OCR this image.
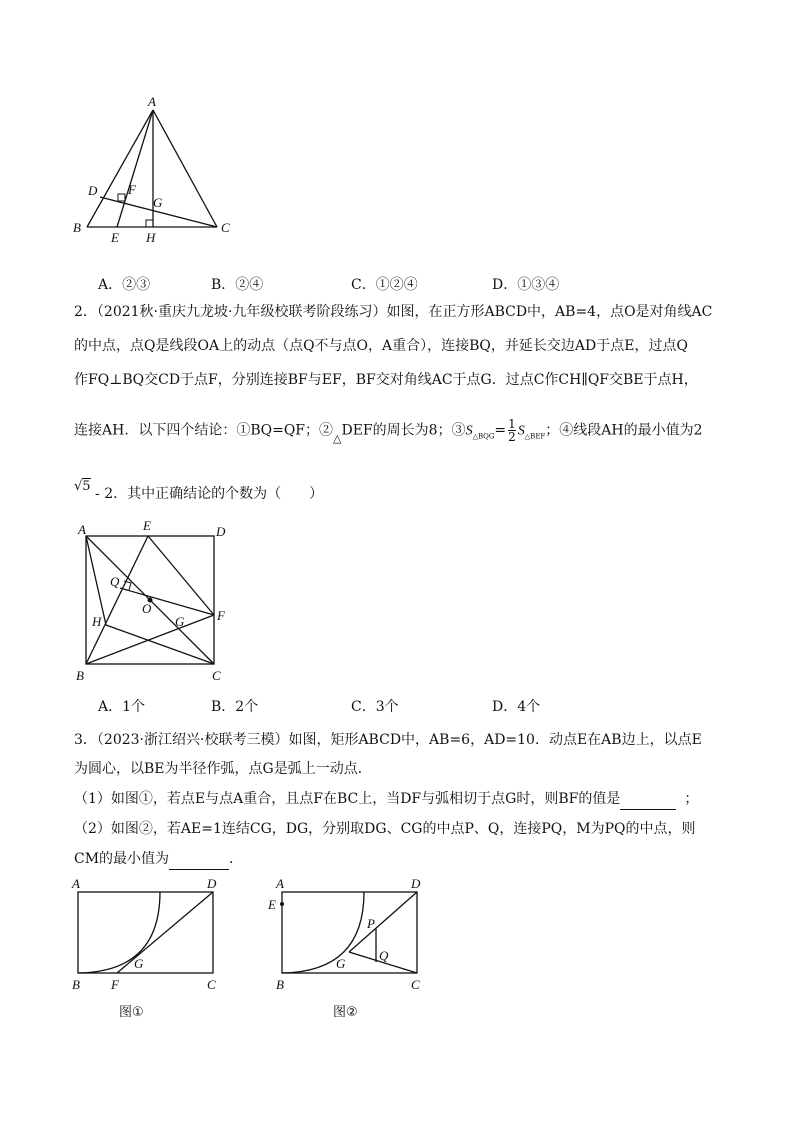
A
D F
G
B
E H
C
A．②③	B．②④	C．①②④	D．①③④
2．（2021秋·重庆九龙坡·九年级校联考阶段练习）如图，在正方形ABCD中，AB=4，点O是对角线AC
的中点，点Q是线段OA上的动点（点Q不与点O，A重合），连接BQ，并延长交边AD于点E，过点Q
作FQ⊥BQ交CD于点F，分别连接BF与EF，BF交对角线AC于点G．过点C作CH∥QF交BE于点H，
连接AH．以下四个结论：①BQ=QF；$②_\triangle DEF$的周长为8；$③S_{\triangle BQG}= \frac{1}{2} S_{\triangle BEF}$；④线段AH的最小值为2
√5 - 2．其中正确结论的个数为（　　）
A	E	D
Q
O
H	G	F
B	C
A．1个	B．2个	C．3个	D．4个
3．（2023·浙江绍兴·校联考三模）如图，矩形ABCD中，AB=6，AD=10．动点E在AB边上，以点E
为圆心，以BE为半径作弧，点G是弧上一动点．
（1）如图①，若点E与点A重合，且点F在BC上，当DF与弧相切于点G时，则BF的值是	；
（2）如图②，若AE=1连结CG，DG，分别取DG、CG的中点P、Q，连接PQ，M为PQ的中点，则
CM的最小值为	．
A	D
G
B F	C
图①
A	D
E
P
G
Q
B	C
图②
